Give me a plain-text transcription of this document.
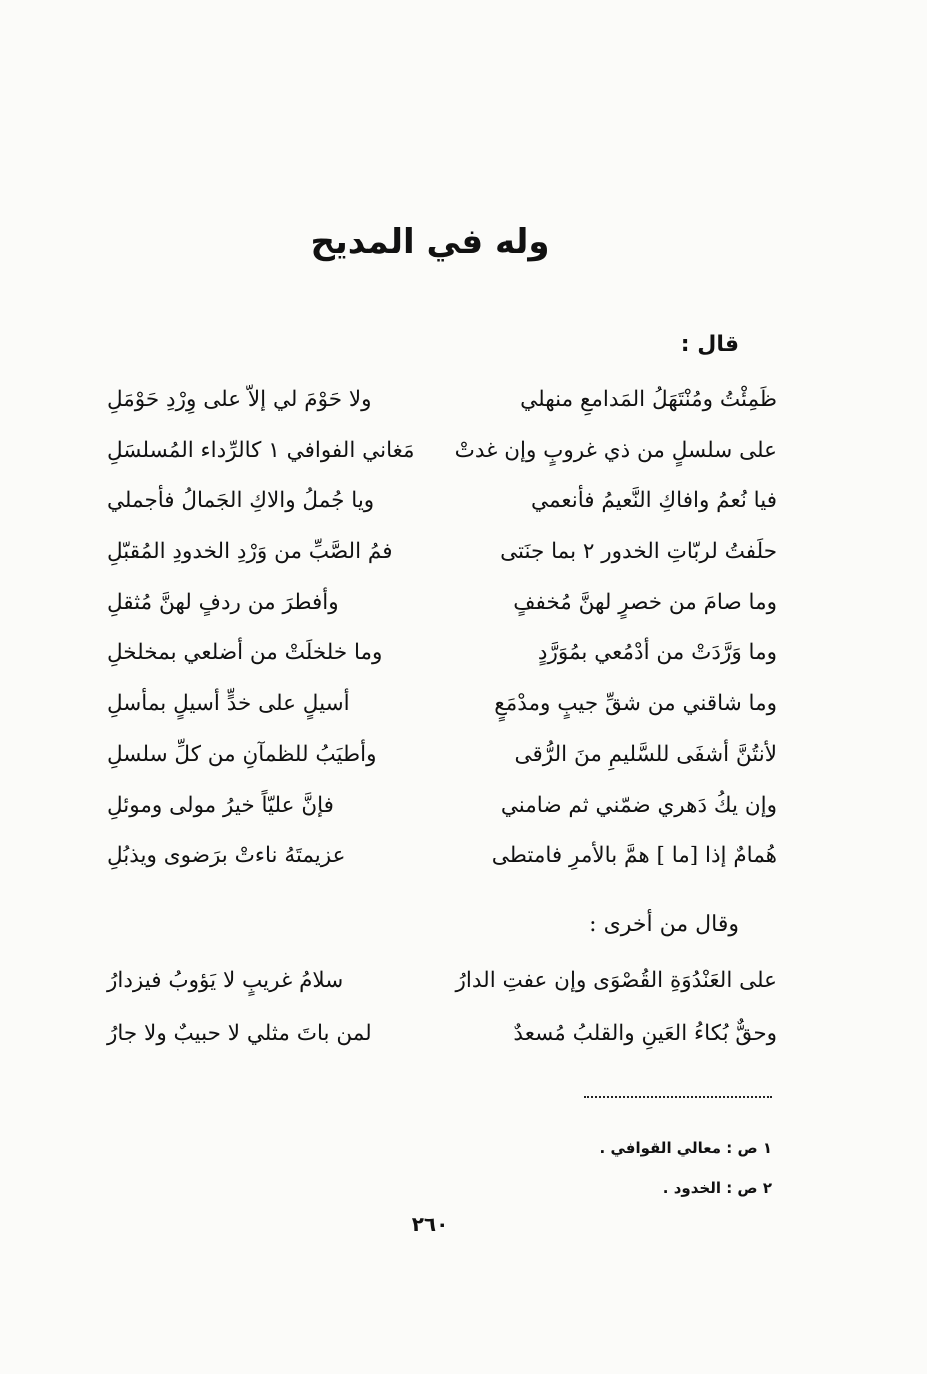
وله في المديح
قال :
ظَمِئْتُ ومُنْتَهَلُ المَدامعِ منهلي
ولا حَوْمَ لي إلاّ على وِرْدِ حَوْمَلِ
على سلسلٍ من ذي غروبٍ وإن غدتْ
مَغاني الفوافي ١ كالرِّداء المُسلسَلِ
فيا نُعمُ وافاكِ النَّعيمُ فأنعمي
ويا جُملُ والاكِ الجَمالُ فأجملي
حلَفتُ لربّاتِ الخدور ٢ بما جنَتى
فمُ الصَّبِّ من وَرْدِ الخدودِ المُقبّلِ
وما صامَ من خصرٍ لهنَّ مُخففٍ
وأفطرَ من ردفٍ لهنَّ مُثقلِ
وما وَرَّدَتْ من أدْمُعي بمُوَرَّدٍ
وما خلخلَتْ من أضلعي بمخلخلِ
وما شاقني من شقِّ جيبٍ ومدْمَعٍ
أسيلٍ على خدٍّ أسيلٍ بمأسلِ
لأنتُنَّ أشفَى للسَّليمِ منَ الرُّقى
وأطيَبُ للظمآنِ من كلِّ سلسلِ
وإن يكُ دَهري ضمّني ثم ضامني
فإنَّ عليّاً خيرُ مولى وموئلِ
هُمامٌ إذا [ما ] همَّ بالأمرِ فامتطى
عزيمتَهُ ناءتْ برَضوى ويذبُلِ
وقال من أخرى :
على العَنْدُوَةِ القُصْوَى وإن عفتِ الدارُ
سلامُ غريبٍ لا يَؤوبُ فيزدارُ
وحقٌّ بُكاءُ العَينِ والقلبُ مُسعدٌ
لمن باتَ مثلي لا حبيبٌ ولا جارُ
١ ص : معالي القوافي .
٢ ص : الخدود .
٢٦٠
